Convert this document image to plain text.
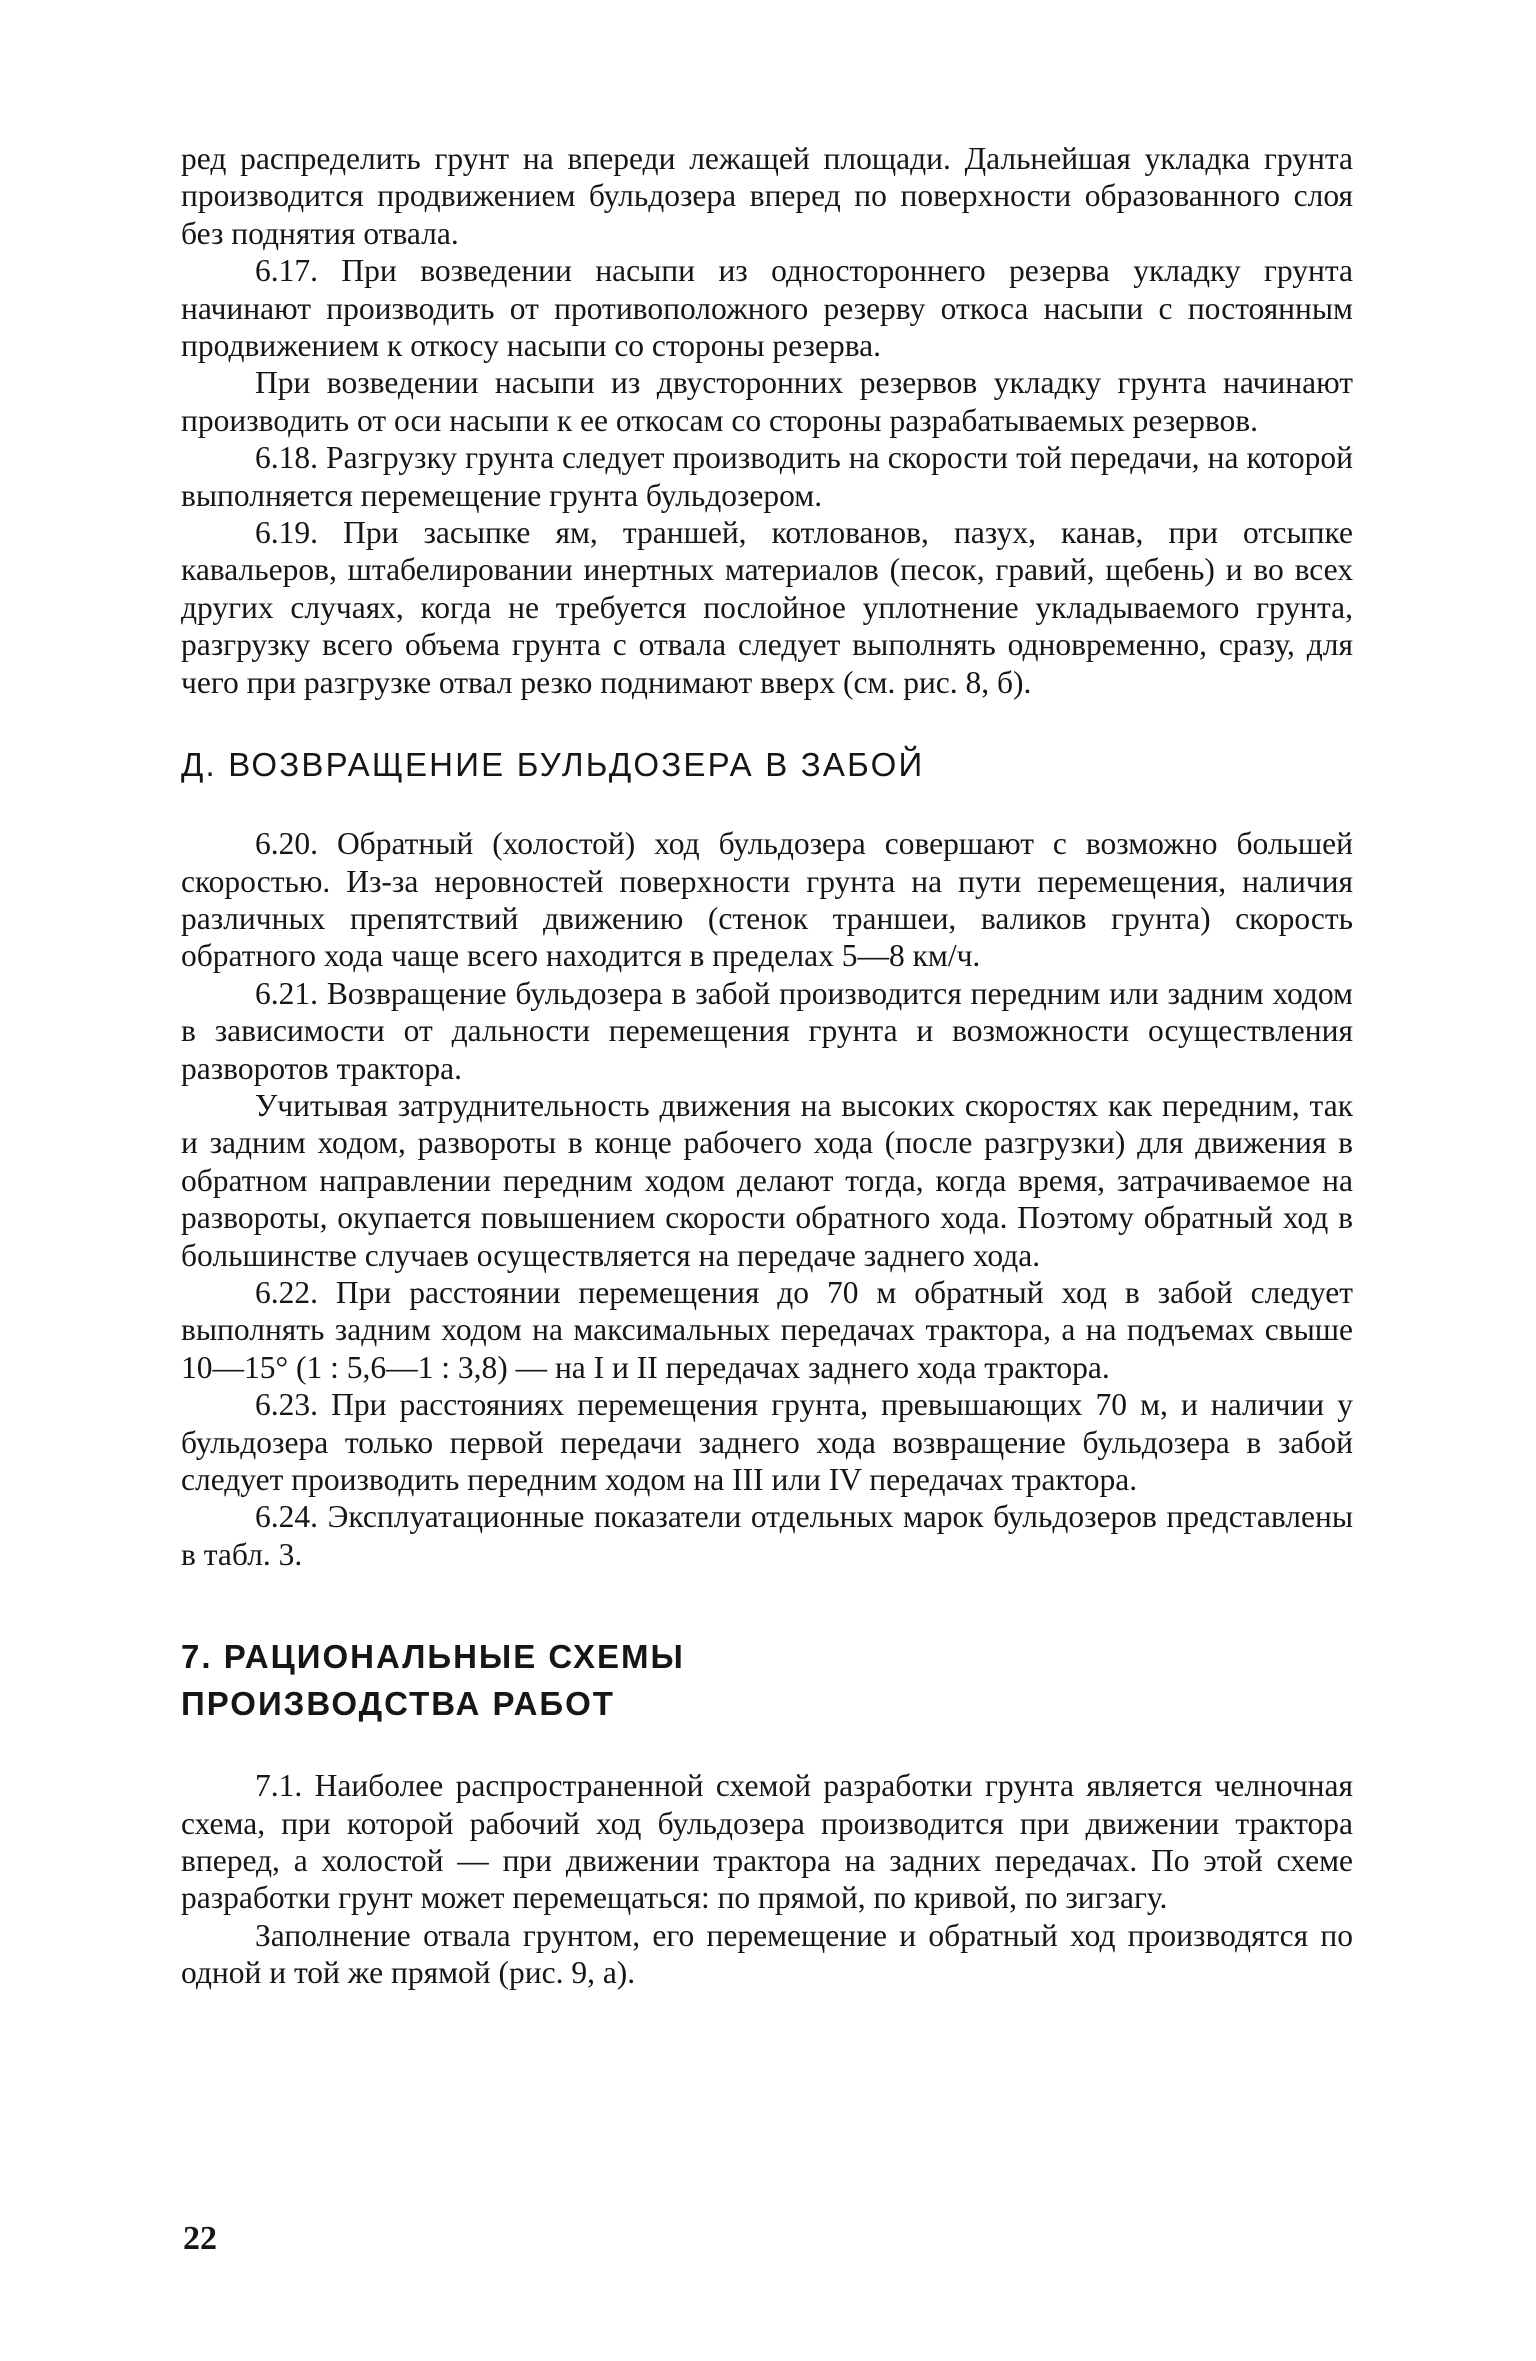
ред распределить грунт на впереди лежащей площади. Дальнейшая укладка грунта производится продвижением бульдозера вперед по поверхности образованного слоя без поднятия отвала.

6.17. При возведении насыпи из одностороннего резерва укладку грунта начинают производить от противоположного резерву откоса насыпи с постоянным продвижением к откосу насыпи со стороны резерва.

При возведении насыпи из двусторонних резервов укладку грунта начинают производить от оси насыпи к ее откосам со стороны разрабатываемых резервов.

6.18. Разгрузку грунта следует производить на скорости той передачи, на которой выполняется перемещение грунта бульдозером.

6.19. При засыпке ям, траншей, котлованов, пазух, канав, при отсыпке кавальеров, штабелировании инертных материалов (песок, гравий, щебень) и во всех других случаях, когда не требуется послойное уплотнение укладываемого грунта, разгрузку всего объема грунта с отвала следует выполнять одновременно, сразу, для чего при разгрузке отвал резко поднимают вверх (см. рис. 8, б).

Д. ВОЗВРАЩЕНИЕ БУЛЬДОЗЕРА В ЗАБОЙ

6.20. Обратный (холостой) ход бульдозера совершают с возможно большей скоростью. Из-за неровностей поверхности грунта на пути перемещения, наличия различных препятствий движению (стенок траншеи, валиков грунта) скорость обратного хода чаще всего находится в пределах 5—8 км/ч.

6.21. Возвращение бульдозера в забой производится передним или задним ходом в зависимости от дальности перемещения грунта и возможности осуществления разворотов трактора.

Учитывая затруднительность движения на высоких скоростях как передним, так и задним ходом, развороты в конце рабочего хода (после разгрузки) для движения в обратном направлении передним ходом делают тогда, когда время, затрачиваемое на развороты, окупается повышением скорости обратного хода. Поэтому обратный ход в большинстве случаев осуществляется на передаче заднего хода.

6.22. При расстоянии перемещения до 70 м обратный ход в забой следует выполнять задним ходом на максимальных передачах трактора, а на подъемах свыше 10—15° (1 : 5,6—1 : 3,8) — на I и II передачах заднего хода трактора.

6.23. При расстояниях перемещения грунта, превышающих 70 м, и наличии у бульдозера только первой передачи заднего хода возвращение бульдозера в забой следует производить передним ходом на III или IV передачах трактора.

6.24. Эксплуатационные показатели отдельных марок бульдозеров представлены в табл. 3.

7. РАЦИОНАЛЬНЫЕ СХЕМЫ
ПРОИЗВОДСТВА РАБОТ

7.1. Наиболее распространенной схемой разработки грунта является челночная схема, при которой рабочий ход бульдозера производится при движении трактора вперед, а холостой — при движении трактора на задних передачах. По этой схеме разработки грунт может перемещаться: по прямой, по кривой, по зигзагу.

Заполнение отвала грунтом, его перемещение и обратный ход производятся по одной и той же прямой (рис. 9, а).

22
